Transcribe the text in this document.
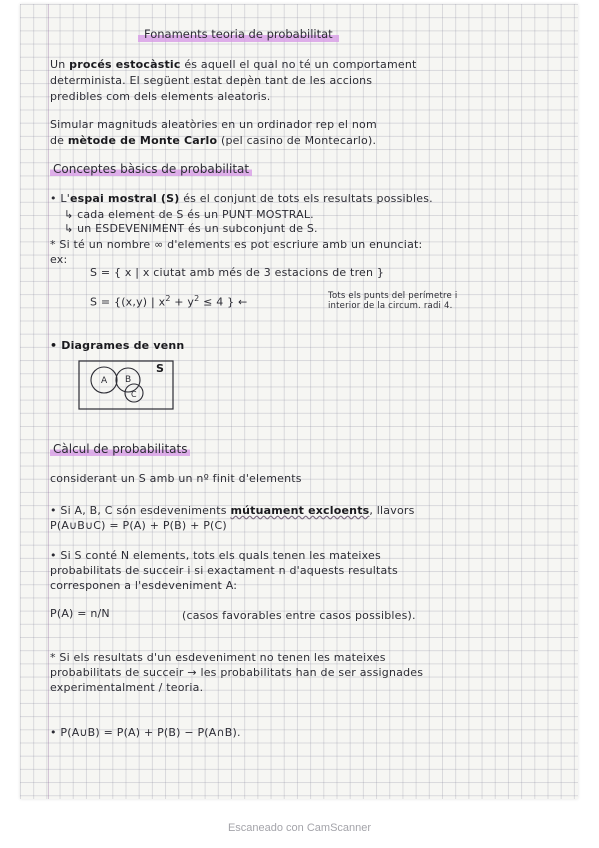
Fonaments teoria de probabilitat
Un procés estocàstic és aquell el qual no té un comportament
determinista. El següent estat depèn tant de les accions
predibles com dels elements aleatoris.
Simular magnituds aleatòries en un ordinador rep el nom
de mètode de Monte Carlo (pel casino de Montecarlo).
Conceptes bàsics de probabilitat
• L'espai mostral (S) és el conjunt de tots els resultats possibles.
↳ cada element de S és un PUNT MOSTRAL.
↳ un ESDEVENIMENT és un subconjunt de S.
* Si té un nombre ∞ d'elements es pot escriure amb un enunciat:
ex:
S = { x | x ciutat amb més de 3 estacions de tren }
S = {(x,y) | $x^2 + y^2 \le 4$ } ←	Tots els punts del perímetre i
interior de la circum. radi 4.
• Diagrames de venn
A B
C
S
Càlcul de probabilitats
considerant un S amb un nº finit d'elements
• Si A, B, C són esdeveniments mútuament excloents, llavors
P(A∪B∪C) = P(A) + P(B) + P(C)
• Si S conté N elements, tots els quals tenen les mateixes
probabilitats de succeir i si exactament n d'aquests resultats
corresponen a l'esdeveniment A:
P(A) = n/N	(casos favorables entre casos possibles).
* Si els resultats d'un esdeveniment no tenen les mateixes
probabilitats de succeir → les probabilitats han de ser assignades
experimentalment / teoria.
• P(A∪B) = P(A) + P(B) − P(A∩B).
Escaneado con CamScanner
